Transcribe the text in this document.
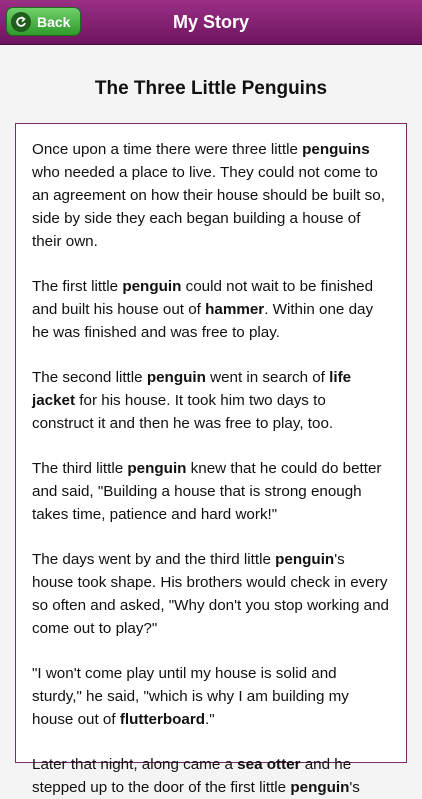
Back	My Story
The Three Little Penguins

Once upon a time there were three little penguins who needed a place to live. They could not come to an agreement on how their house should be built so, side by side they each began building a house of their own.

The first little penguin could not wait to be finished and built his house out of hammer. Within one day he was finished and was free to play.

The second little penguin went in search of life jacket for his house. It took him two days to construct it and then he was free to play, too.

The third little penguin knew that he could do better and said, "Building a house that is strong enough takes time, patience and hard work!"

The days went by and the third little penguin's house took shape. His brothers would check in every so often and asked, "Why don't you stop working and come out to play?"

"I won't come play until my house is solid and sturdy," he said, "which is why I am building my house out of flutterboard."

Later that night, along came a sea otter and he stepped up to the door of the first little penguin's
